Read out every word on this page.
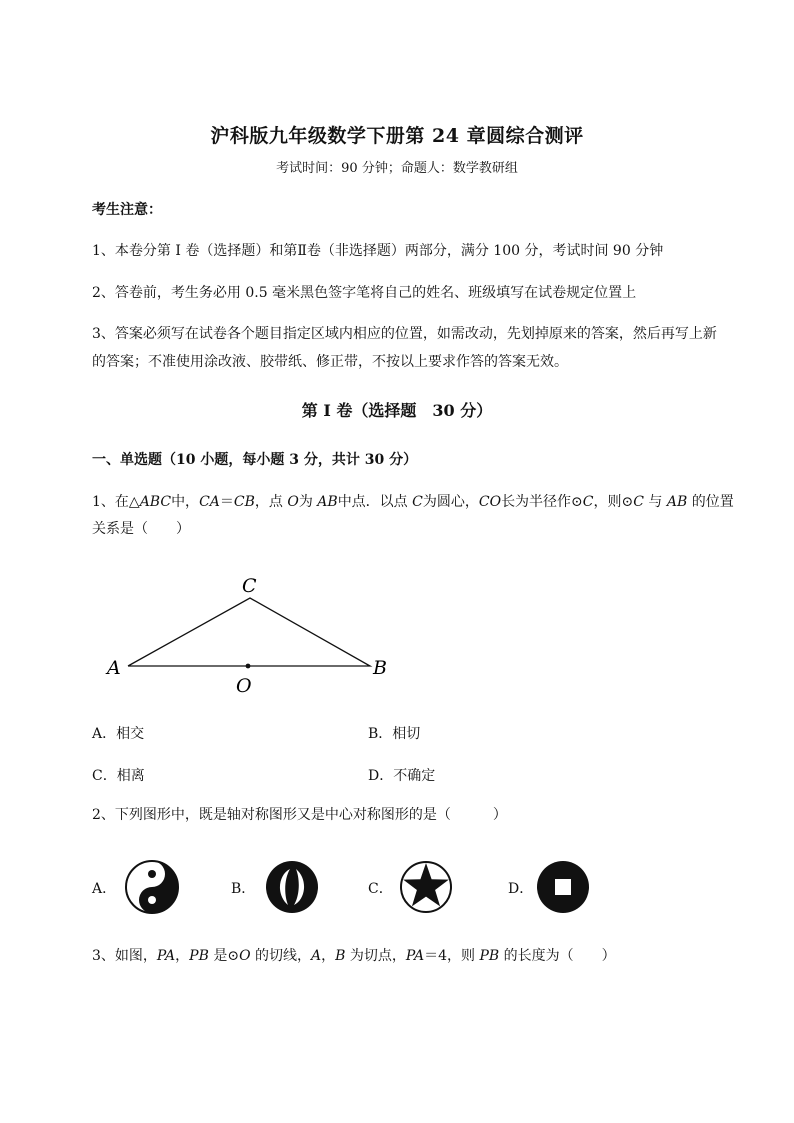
沪科版九年级数学下册第 24 章圆综合测评
考试时间：90 分钟；命题人：数学教研组
考生注意：
1、本卷分第 I 卷（选择题）和第Ⅱ卷（非选择题）两部分，满分 100 分，考试时间 90 分钟
2、答卷前，考生务必用 0.5 毫米黑色签字笔将自己的姓名、班级填写在试卷规定位置上
3、答案必须写在试卷各个题目指定区域内相应的位置，如需改动，先划掉原来的答案，然后再写上新
的答案；不准使用涂改液、胶带纸、修正带，不按以上要求作答的答案无效。
第 I 卷（选择题　30 分）
一、单选题（10 小题，每小题 3 分，共计 30 分）
1、在△ABC中，CA＝CB，点 O为 AB中点．以点 C为圆心，CO长为半径作⊙C，则⊙C 与 AB 的位置
关系是（　　）
C
A	B
O
A．相交	B．相切
C．相离	D．不确定
2、下列图形中，既是轴对称图形又是中心对称图形的是（　　　）
A．	B．	C．	D．
3、如图，PA，PB 是⊙O 的切线，A，B 为切点，PA＝4，则 PB 的长度为（　　）
